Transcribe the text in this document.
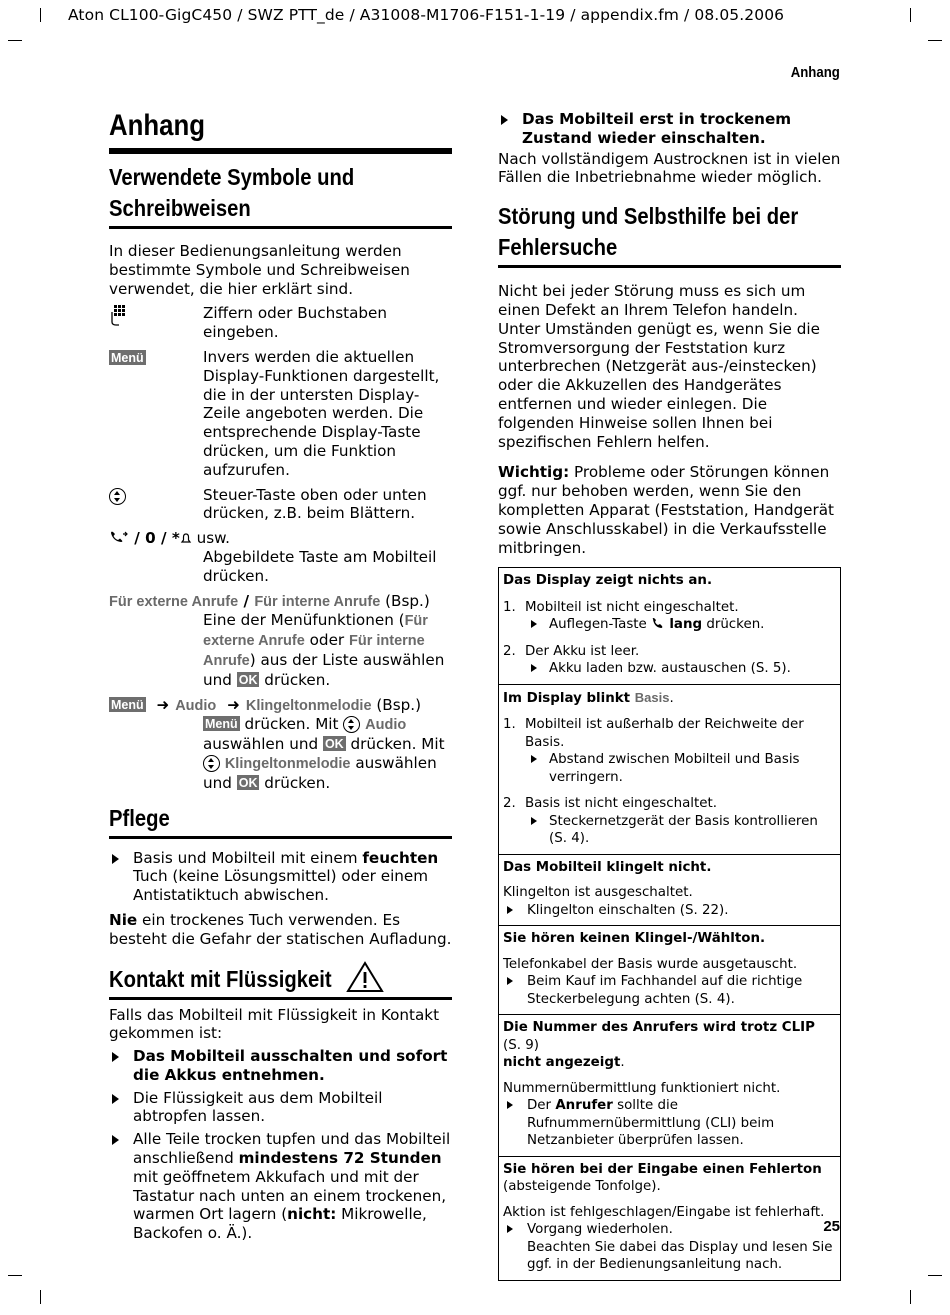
Aton CL100-GigC450 / SWZ PTT_de / A31008-M1706-F151-1-19 / appendix.fm / 08.05.2006
Anhang
25
Anhang
Verwendete Symbole und Schreibweisen

In dieser Bedienungsanleitung werden bestimmte Symbole und Schreibweisen verwendet, die hier erklärt sind.

Ziffern oder Buchstaben eingeben.
Menü	Invers werden die aktuellen Display-Funktionen dargestellt, die in der untersten Display-Zeile angeboten werden. Die entsprechende Display-Taste drücken, um die Funktion aufzurufen.
Steuer-Taste oben oder unten drücken, z.B. beim Blättern.
/ 0 / * usw.
Abgebildete Taste am Mobilteil drücken.
Für externe Anrufe / Für interne Anrufe (Bsp.)
Eine der Menüfunktionen (Für externe Anrufe oder Für interne Anrufe) aus der Liste auswählen und OK drücken.
Menü ➜ Audio ➜ Klingeltonmelodie (Bsp.)
Menü drücken. Mit  Audio auswählen und OK drücken. Mit  Klingeltonmelodie auswählen und OK drücken.
Pflege
Basis und Mobilteil mit einem feuchten Tuch (keine Lösungsmittel) oder einem Antistatiktuch abwischen.

Nie ein trockenes Tuch verwenden. Es besteht die Gefahr der statischen Aufladung.

Kontakt mit Flüssigkeit

Falls das Mobilteil mit Flüssigkeit in Kontakt gekommen ist:

Das Mobilteil ausschalten und sofort die Akkus entnehmen.
Die Flüssigkeit aus dem Mobilteil abtropfen lassen.
Alle Teile trocken tupfen und das Mobilteil anschließend mindestens 72 Stunden mit geöffnetem Akkufach und mit der Tastatur nach unten an einem trockenen, warmen Ort lagern (nicht: Mikrowelle, Backofen o. Ä.).
Das Mobilteil erst in trockenem Zustand wieder einschalten.

Nach vollständigem Austrocknen ist in vielen Fällen die Inbetriebnahme wieder möglich.

Störung und Selbsthilfe bei der Fehlersuche

Nicht bei jeder Störung muss es sich um einen Defekt an Ihrem Telefon handeln. Unter Umständen genügt es, wenn Sie die Stromversorgung der Feststation kurz unterbrechen (Netzgerät aus-/einstecken) oder die Akkuzellen des Handgerätes entfernen und wieder einlegen. Die folgenden Hinweise sollen Ihnen bei spezifischen Fehlern helfen.

Wichtig: Probleme oder Störungen können ggf. nur behoben werden, wenn Sie den kompletten Apparat (Feststation, Handgerät sowie Anschlusskabel) in die Verkaufsstelle mitbringen.

Das Display zeigt nichts an.
1. Mobilteil ist nicht eingeschaltet.
Auflegen-Taste  lang drücken.
2. Der Akku ist leer.
Akku laden bzw. austauschen (S. 5).
Im Display blinkt Basis.
1. Mobilteil ist außerhalb der Reichweite der Basis.
Abstand zwischen Mobilteil und Basis verringern.
2. Basis ist nicht eingeschaltet.
Steckernetzgerät der Basis kontrollieren (S. 4).
Das Mobilteil klingelt nicht.
Klingelton ist ausgeschaltet.
Klingelton einschalten (S. 22).
Sie hören keinen Klingel-/Wählton.
Telefonkabel der Basis wurde ausgetauscht.
Beim Kauf im Fachhandel auf die richtige Steckerbelegung achten (S. 4).
Die Nummer des Anrufers wird trotz CLIP (S. 9)
nicht angezeigt.
Nummernübermittlung funktioniert nicht.
Der Anrufer sollte die Rufnummernübermittlung (CLI) beim Netzanbieter überprüfen lassen.
Sie hören bei der Eingabe einen Fehlerton
(absteigende Tonfolge).
Aktion ist fehlgeschlagen/Eingabe ist fehlerhaft.
Vorgang wiederholen.
Beachten Sie dabei das Display und lesen Sie ggf. in der Bedienungsanleitung nach.
